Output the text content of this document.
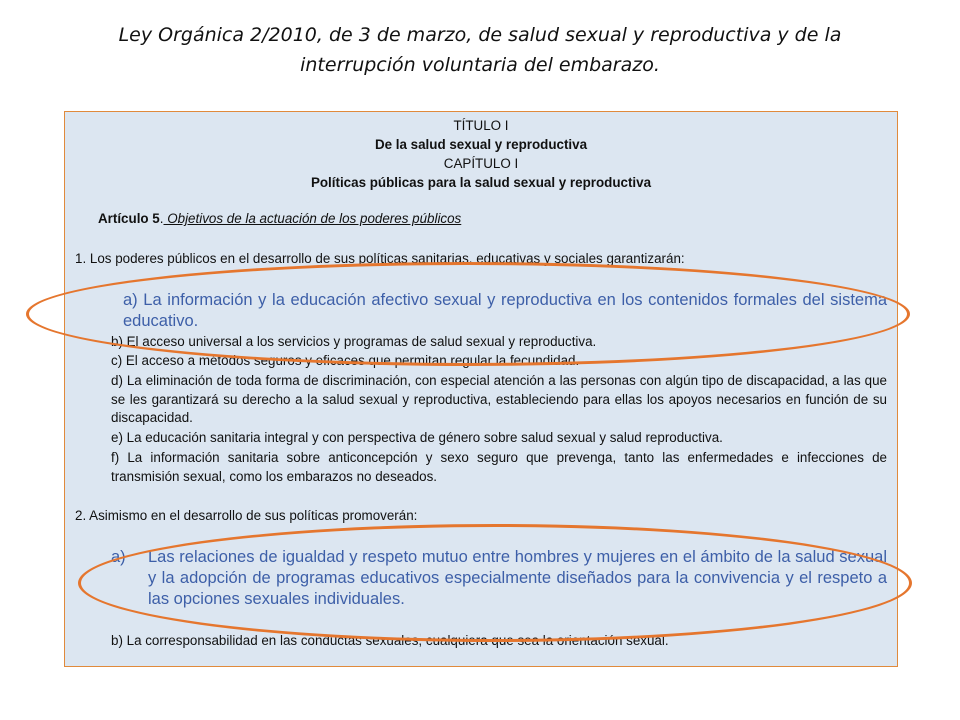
Ley Orgánica 2/2010, de 3 de marzo, de salud sexual y reproductiva y de la interrupción voluntaria del embarazo.
TÍTULO I
De la salud sexual y reproductiva
CAPÍTULO I
Políticas públicas para la salud sexual y reproductiva
Artículo 5. Objetivos de la actuación de los poderes públicos
1. Los poderes públicos en el desarrollo de sus políticas sanitarias, educativas y sociales garantizarán:
a) La información y la educación afectivo sexual y reproductiva en los contenidos formales del sistema educativo.
b) El acceso universal a los servicios y programas de salud sexual y reproductiva.
c) El acceso a métodos seguros y eficaces que permitan regular la fecundidad.
d) La eliminación de toda forma de discriminación, con especial atención a las personas con algún tipo de discapacidad, a las que se les garantizará su derecho a la salud sexual y reproductiva, estableciendo para ellas los apoyos necesarios en función de su discapacidad.
e) La educación sanitaria integral y con perspectiva de género sobre salud sexual y salud reproductiva.
f) La información sanitaria sobre anticoncepción y sexo seguro que prevenga, tanto las enfermedades e infecciones de transmisión sexual, como los embarazos no deseados.
2. Asimismo en el desarrollo de sus políticas promoverán:
a) Las relaciones de igualdad y respeto mutuo entre hombres y mujeres en el ámbito de la salud sexual y la adopción de programas educativos especialmente diseñados para la convivencia y el respeto a las opciones sexuales individuales.
b) La corresponsabilidad en las conductas sexuales, cualquiera que sea la orientación sexual.
